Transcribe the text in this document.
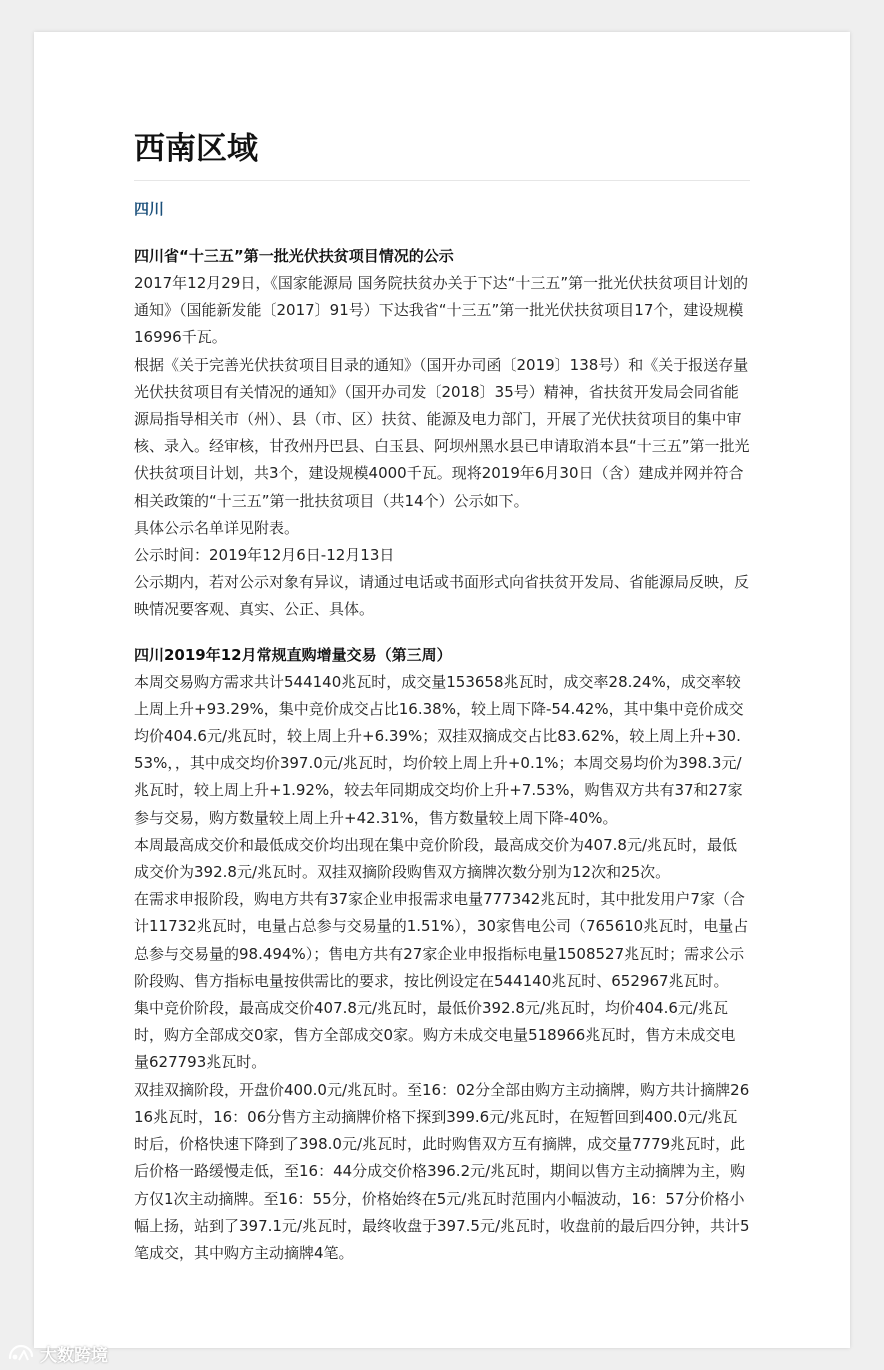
西南区域
四川
四川省“十三五”第一批光伏扶贫项目情况的公示

2017年12月29日，《国家能源局 国务院扶贫办关于下达“十三五”第一批光伏扶贫项目计划的通知》（国能新发能〔2017〕91号）下达我省“十三五”第一批光伏扶贫项目17个，建设规模16996千瓦。

根据《关于完善光伏扶贫项目目录的通知》（国开办司函〔2019〕138号）和《关于报送存量光伏扶贫项目有关情况的通知》（国开办司发〔2018〕35号）精神，省扶贫开发局会同省能源局指导相关市（州）、县（市、区）扶贫、能源及电力部门，开展了光伏扶贫项目的集中审核、录入。经审核，甘孜州丹巴县、白玉县、阿坝州黑水县已申请取消本县“十三五”第一批光伏扶贫项目计划，共3个，建设规模4000千瓦。现将2019年6月30日（含）建成并网并符合相关政策的“十三五”第一批扶贫项目（共14个）公示如下。

具体公示名单详见附表。

公示时间：2019年12月6日-12月13日

公示期内，若对公示对象有异议，请通过电话或书面形式向省扶贫开发局、省能源局反映，反映情况要客观、真实、公正、具体。

四川2019年12月常规直购增量交易（第三周）

本周交易购方需求共计544140兆瓦时，成交量153658兆瓦时，成交率28.24%，成交率较上周上升+93.29%，集中竞价成交占比16.38%，较上周下降-54.42%，其中集中竞价成交均价404.6元/兆瓦时，较上周上升+6.39%；双挂双摘成交占比83.62%，较上周上升+30.53%，，其中成交均价397.0元/兆瓦时，均价较上周上升+0.1%；本周交易均价为398.3元/兆瓦时，较上周上升+1.92%，较去年同期成交均价上升+7.53%，购售双方共有37和27家参与交易，购方数量较上周上升+42.31%，售方数量较上周下降-40%。

本周最高成交价和最低成交价均出现在集中竞价阶段，最高成交价为407.8元/兆瓦时，最低成交价为392.8元/兆瓦时。双挂双摘阶段购售双方摘牌次数分别为12次和25次。

在需求申报阶段，购电方共有37家企业申报需求电量777342兆瓦时，其中批发用户7家（合计11732兆瓦时，电量占总参与交易量的1.51%），30家售电公司（765610兆瓦时，电量占总参与交易量的98.494%）；售电方共有27家企业申报指标电量1508527兆瓦时；需求公示阶段购、售方指标电量按供需比的要求，按比例设定在544140兆瓦时、652967兆瓦时。

集中竞价阶段，最高成交价407.8元/兆瓦时，最低价392.8元/兆瓦时，均价404.6元/兆瓦时，购方全部成交0家，售方全部成交0家。购方未成交电量518966兆瓦时，售方未成交电量627793兆瓦时。

双挂双摘阶段，开盘价400.0元/兆瓦时。至16：02分全部由购方主动摘牌，购方共计摘牌2616兆瓦时，16：06分售方主动摘牌价格下探到399.6元/兆瓦时，在短暂回到400.0元/兆瓦时后，价格快速下降到了398.0元/兆瓦时，此时购售双方互有摘牌，成交量7779兆瓦时，此后价格一路缓慢走低，至16：44分成交价格396.2元/兆瓦时，期间以售方主动摘牌为主，购方仅1次主动摘牌。至16：55分，价格始终在5元/兆瓦时范围内小幅波动，16：57分价格小幅上扬，站到了397.1元/兆瓦时，最终收盘于397.5元/兆瓦时，收盘前的最后四分钟，共计5笔成交，其中购方主动摘牌4笔。

大数跨境
